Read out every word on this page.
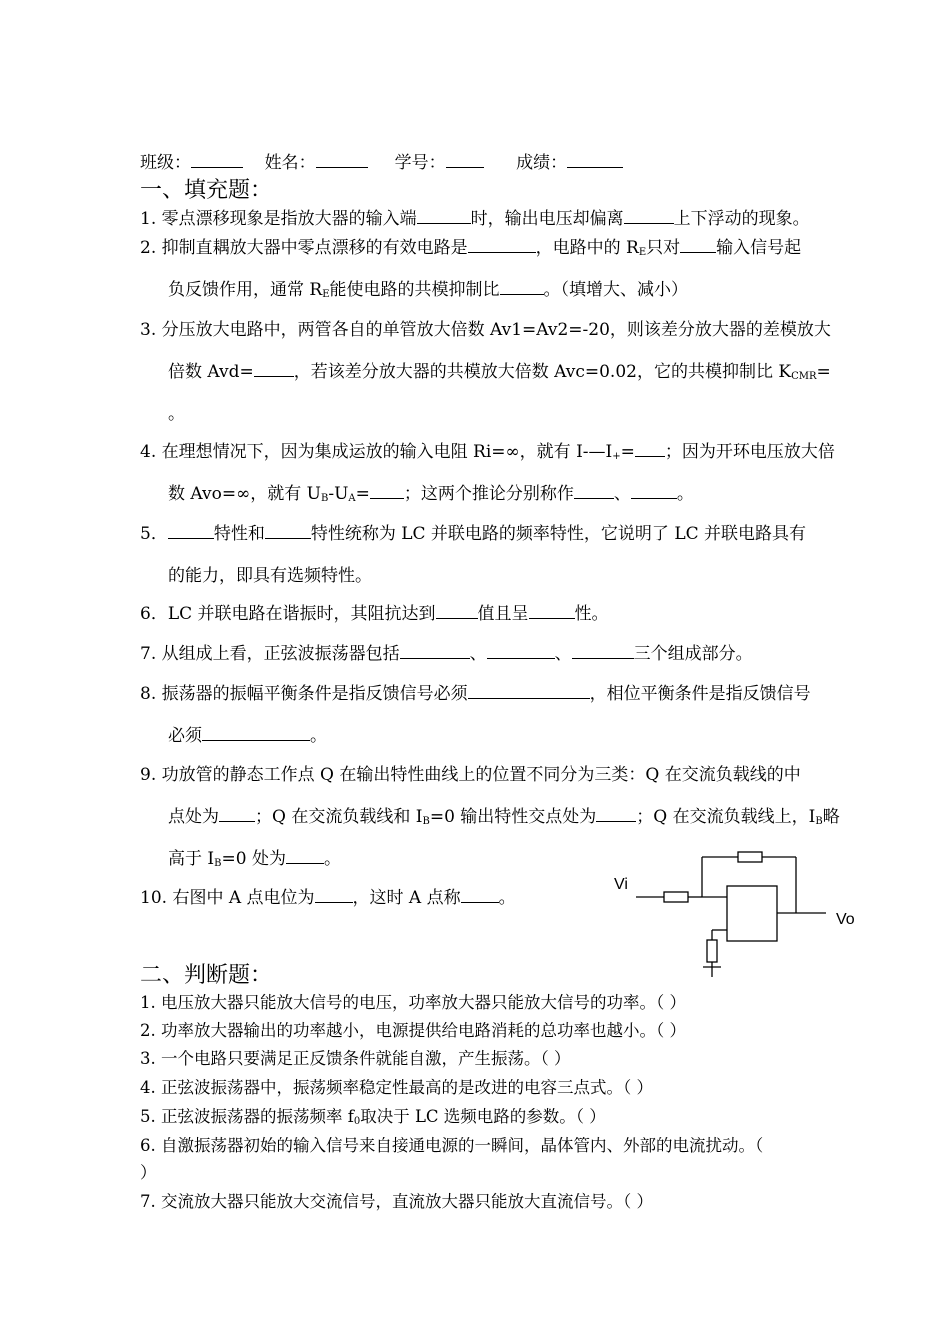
班级：	姓名：	学号：	成绩：
一、填充题：
1. 零点漂移现象是指放大器的输入端	时，输出电压却偏离	上下浮动的现象。
2. 抑制直耦放大器中零点漂移的有效电路是	，电路中的 $R_E$只对 输入信号起
负反馈作用，通常 $R_E$能使电路的共模抑制比	。（填增大、减小）
3. 分压放大电路中，两管各自的单管放大倍数 Av1=Av2=-20，则该差分放大器的差模放大
倍数 Avd= ，若该差分放大器的共模放大倍数 Avc=0.02，它的共模抑制比 $K_{CMR}=$
。
4. 在理想情况下，因为集成运放的输入电阻 Ri=∞，就有 $I-—I_+=$ ；因为开环电压放大倍
数 Avo=∞，就有 $U_B-U_A=$ ；这两个推论分别称作 、	。
5．	特性和	特性统称为 LC 并联电路的频率特性，它说明了 LC 并联电路具有
的能力，即具有选频特性。
6．LC 并联电路在谐振时，其阻抗达到 值且呈	性。
7. 从组成上看，正弦波振荡器包括	、	、	三个组成部分。
8. 振荡器的振幅平衡条件是指反馈信号必须	，相位平衡条件是指反馈信号
必须	。
9. 功放管的静态工作点 Q 在输出特性曲线上的位置不同分为三类：Q 在交流负载线的中
点处为 ；Q 在交流负载线和 $I_B=0$ 输出特性交点处为 ；Q 在交流负载线上，$I_B$略
高于 $I_B=0$ 处为 。
10. 右图中 A 点电位为 ，这时 A 点称 。
Vi
Vo
二、判断题：
1. 电压放大器只能放大信号的电压，功率放大器只能放大信号的功率。（ ）
2. 功率放大器输出的功率越小，电源提供给电路消耗的总功率也越小。（ ）
3. 一个电路只要满足正反馈条件就能自激，产生振荡。（ ）
4. 正弦波振荡器中，振荡频率稳定性最高的是改进的电容三点式。（ ）
5. 正弦波振荡器的振荡频率 $f_0$取决于 LC 选频电路的参数。（ ）
6. 自激振荡器初始的输入信号来自接通电源的一瞬间，晶体管内、外部的电流扰动。（
）
7. 交流放大器只能放大交流信号，直流放大器只能放大直流信号。（ ）
